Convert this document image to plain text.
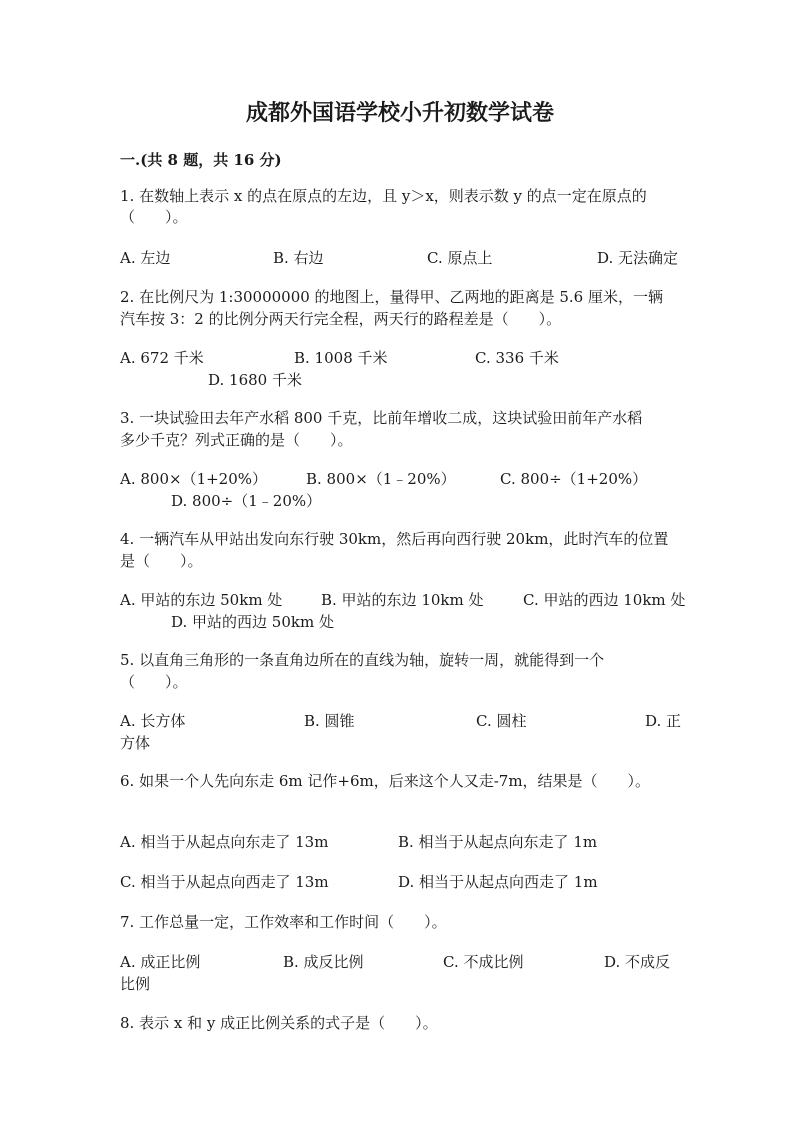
成都外国语学校小升初数学试卷
一.(共 8 题，共 16 分)
1. 在数轴上表示 x 的点在原点的左边，且 y＞x，则表示数 y 的点一定在原点的
（　　）。
A. 左边	B. 右边	C. 原点上	D. 无法确定
2. 在比例尺为 1:30000000 的地图上，量得甲、乙两地的距离是 5.6 厘米，一辆
汽车按 3：2 的比例分两天行完全程，两天行的路程差是（　　）。
A. 672 千米	B. 1008 千米	C. 336 千米
D. 1680 千米
3. 一块试验田去年产水稻 800 千克，比前年增收二成，这块试验田前年产水稻
多少千克？列式正确的是（　　）。
A. 800×（1+20%）	B. 800×（1﹣20%）	C. 800÷（1+20%）
D. 800÷（1﹣20%）
4. 一辆汽车从甲站出发向东行驶 30km，然后再向西行驶 20km，此时汽车的位置
是（　　）。
A. 甲站的东边 50km 处	B. 甲站的东边 10km 处	C. 甲站的西边 10km 处
D. 甲站的西边 50km 处
5. 以直角三角形的一条直角边所在的直线为轴，旋转一周，就能得到一个
（　　）。
A. 长方体	B. 圆锥	C. 圆柱	D. 正
方体
6. 如果一个人先向东走 6m 记作+6m，后来这个人又走-7m，结果是（　　）。
A. 相当于从起点向东走了 13m	B. 相当于从起点向东走了 1m
C. 相当于从起点向西走了 13m	D. 相当于从起点向西走了 1m
7. 工作总量一定，工作效率和工作时间（　　）。
A. 成正比例	B. 成反比例	C. 不成比例	D. 不成反
比例
8. 表示 x 和 y 成正比例关系的式子是（　　）。
